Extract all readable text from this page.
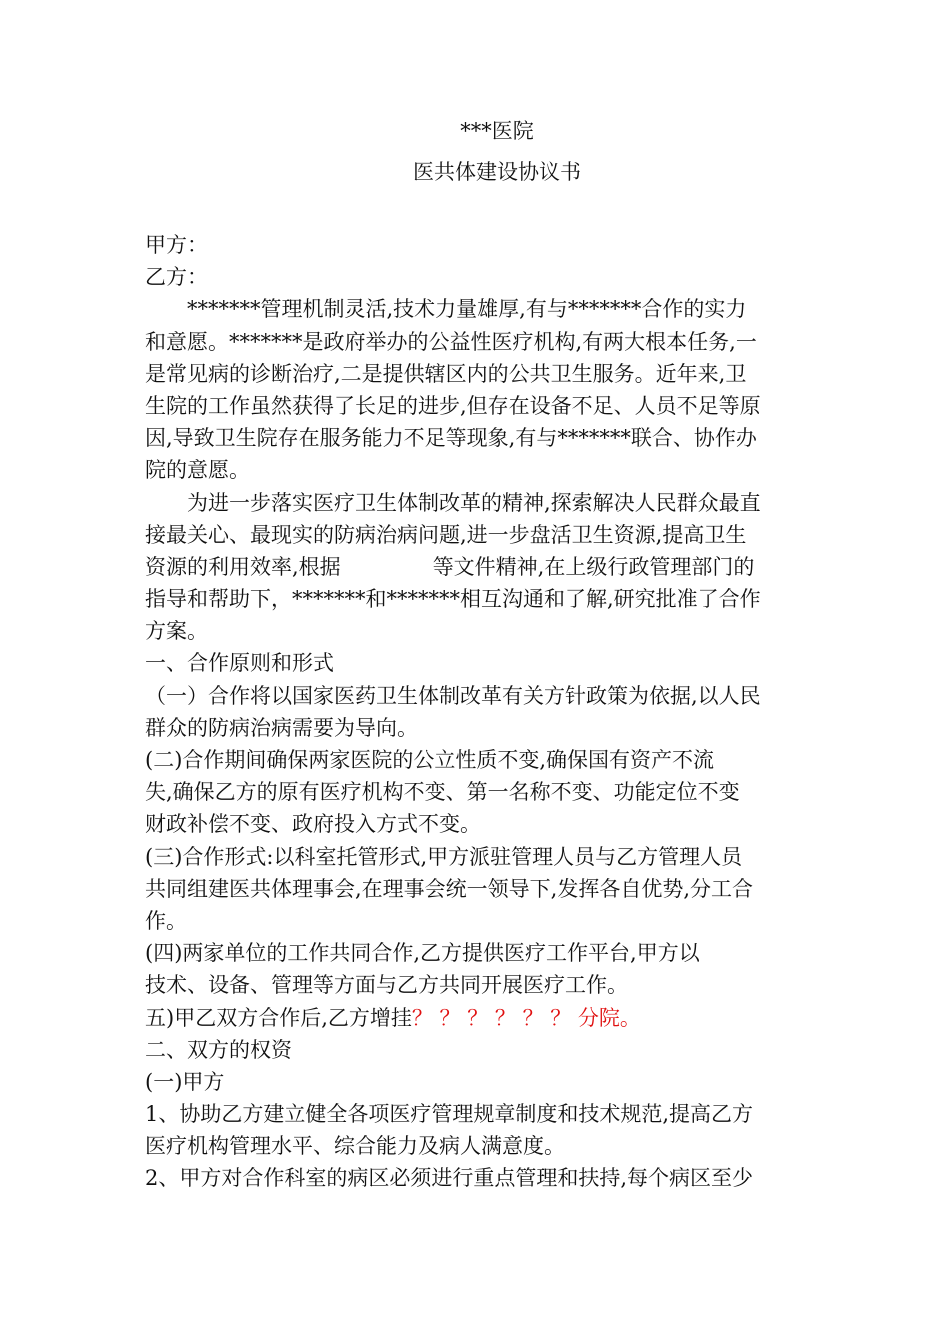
***医院
医共体建设协议书
甲方：
乙方：
*******管理机制灵活,技术力量雄厚,有与*******合作的实力
和意愿。*******是政府举办的公益性医疗机构,有两大根本任务,一
是常见病的诊断治疗,二是提供辖区内的公共卫生服务。近年来,卫
生院的工作虽然获得了长足的进步,但存在设备不足、人员不足等原
因,导致卫生院存在服务能力不足等现象,有与*******联合、协作办
院的意愿。
为进一步落实医疗卫生体制改革的精神,探索解决人民群众最直
接最关心、最现实的防病治病问题,进一步盘活卫生资源,提高卫生
资源的利用效率,根据	等文件精神,在上级行政管理部门的
指导和帮助下，*******和*******相互沟通和了解,研究批准了合作
方案。
一、合作原则和形式
（一）合作将以国家医药卫生体制改革有关方针政策为依据,以人民
群众的防病治病需要为导向。
(二)合作期间确保两家医院的公立性质不变,确保国有资产不流
失,确保乙方的原有医疗机构不变、第一名称不变、功能定位不变
财政补偿不变、政府投入方式不变。
(三)合作形式:以科室托管形式,甲方派驻管理人员与乙方管理人员
共同组建医共体理事会,在理事会统一领导下,发挥各自优势,分工合
作。
(四)两家单位的工作共同合作,乙方提供医疗工作平台,甲方以
技术、设备、管理等方面与乙方共同开展医疗工作。
五)甲乙双方合作后,乙方增挂？ ？ ？ ？ ？ ？ 分院。
二、双方的权资
(一)甲方
1、协助乙方建立健全各项医疗管理规章制度和技术规范,提高乙方
医疗机构管理水平、综合能力及病人满意度。
2、甲方对合作科室的病区必须进行重点管理和扶持,每个病区至少
